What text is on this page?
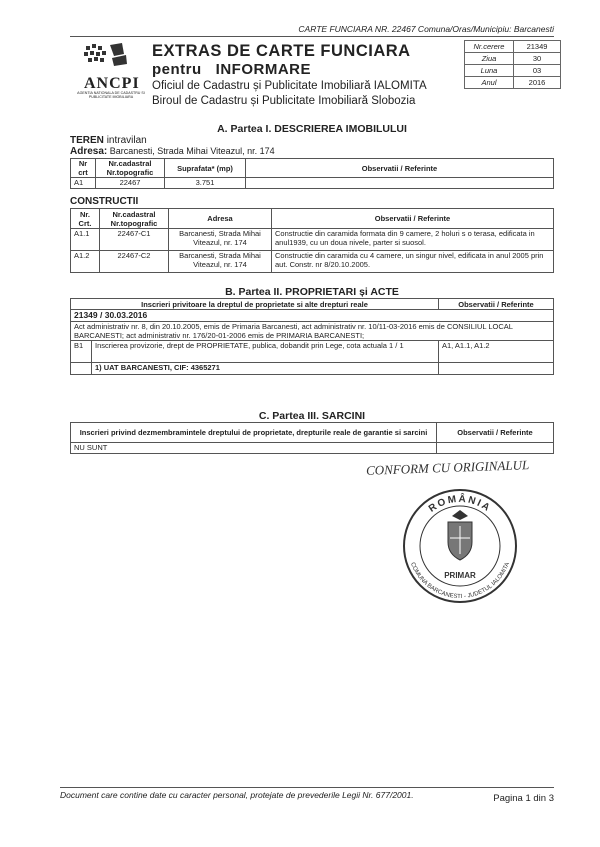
CARTE FUNCIARA NR. 22467 Comuna/Oras/Municipiu: Barcanesti
ANCPI
AGENTIA NATIONALA DE CADASTRU SI PUBLICITATE IMOBILIARA
EXTRAS DE CARTE FUNCIARA
pentru   INFORMARE
Oficiul de Cadastru și Publicitate Imobiliară IALOMITA
Biroul de Cadastru și Publicitate Imobiliară Slobozia
Nr.cerere	21349
Ziua	30
Luna	03
Anul	2016
A. Partea I. DESCRIEREA IMOBILULUI
TEREN intravilan
Adresa: Barcanesti, Strada Mihai Viteazul, nr. 174
Nr crt	Nr.cadastral Nr.topografic	Suprafata* (mp)	Observatii / Referinte
A1	22467	3.751	
CONSTRUCTII
Nr. Crt.	Nr.cadastral Nr.topografic	Adresa	Observatii / Referinte
A1.1	22467-C1	Barcanesti, Strada Mihai Viteazul, nr. 174	Constructie din caramida formata din 9 camere, 2 holuri s o terasa, edificata in anul1939, cu un doua nivele, parter si suosol.
A1.2	22467-C2	Barcanesti, Strada Mihai Viteazul, nr. 174	Constructie din caramida cu 4 camere, un singur nivel, edificata in anul 2005 prin aut. Constr. nr 8/20.10.2005.
B. Partea II. PROPRIETARI și ACTE
Inscrieri privitoare la dreptul de proprietate si alte drepturi reale		Observatii / Referinte
21349 / 30.03.2016		
Act administrativ nr. 8, din 20.10.2005, emis de Primaria Barcanesti, act administrativ nr. 10/11-03-2016 emis de CONSILIUL LOCAL BARCANESTI; act administrativ nr. 176/20-01-2006 emis de PRIMARIA BARCANESTI;		
B1	Inscrierea provizorie, drept de PROPRIETATE, publica, dobandit prin Lege, cota actuala 1 / 1	A1, A1.1, A1.2
	1) UAT BARCANESTI, CIF: 4365271	
C. Partea III. SARCINI
Inscrieri privind dezmembramintele dreptului de proprietate, drepturile reale de garantie si sarcini	Observatii / Referinte
NU SUNT	
CONFORM CU ORIGINALUL
ROMÂNIA
COMUNA BARCANESTI - JUDETUL IALOMITA
PRIMAR
Document care contine date cu caracter personal, protejate de prevederile Legii Nr. 677/2001.	Pagina 1 din 3
